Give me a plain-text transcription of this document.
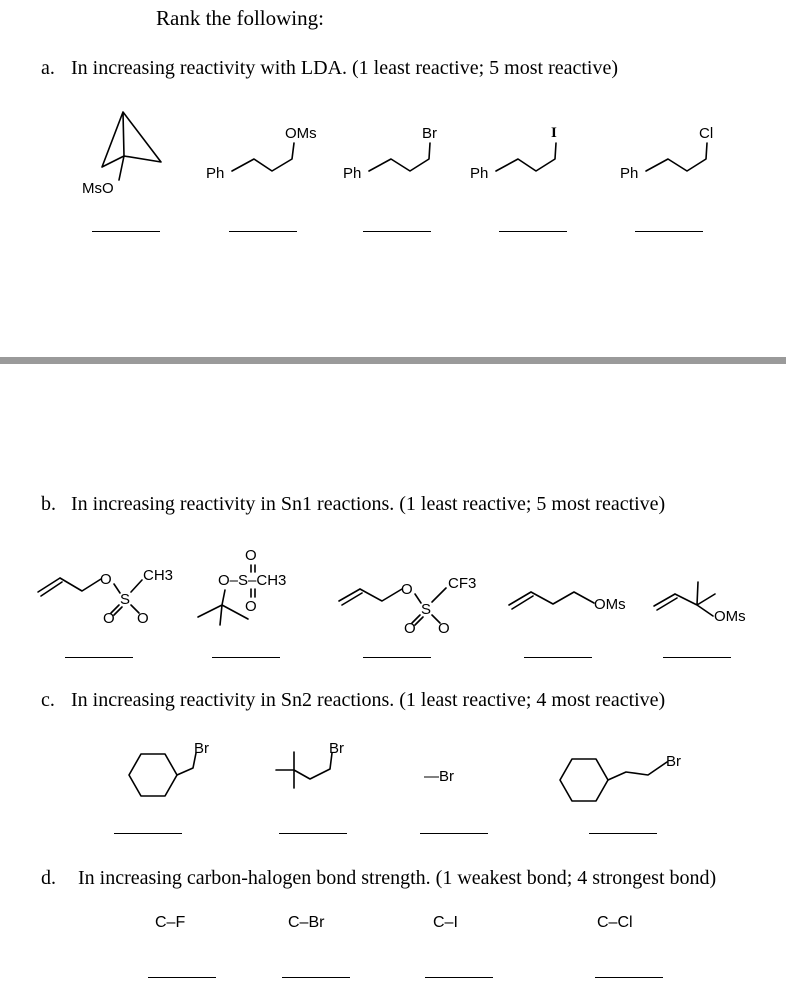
Rank the following:
a. In increasing reactivity with LDA. (1 least reactive; 5 most reactive)
MsO
Ph
OMs
Ph
Br
Ph
I
Ph
Cl
b. In increasing reactivity in Sn1 reactions. (1 least reactive; 5 most reactive)
O
S
CH3
O O
O
O–S–CH3
O
O
S
CF3
O O
OMs
OMs
c. In increasing reactivity in Sn2 reactions. (1 least reactive; 4 most reactive)
Br	Br
—Br
Br
d. In increasing carbon-halogen bond strength. (1 weakest bond; 4 strongest bond)
C–F	C–Br	C–I	C–Cl
